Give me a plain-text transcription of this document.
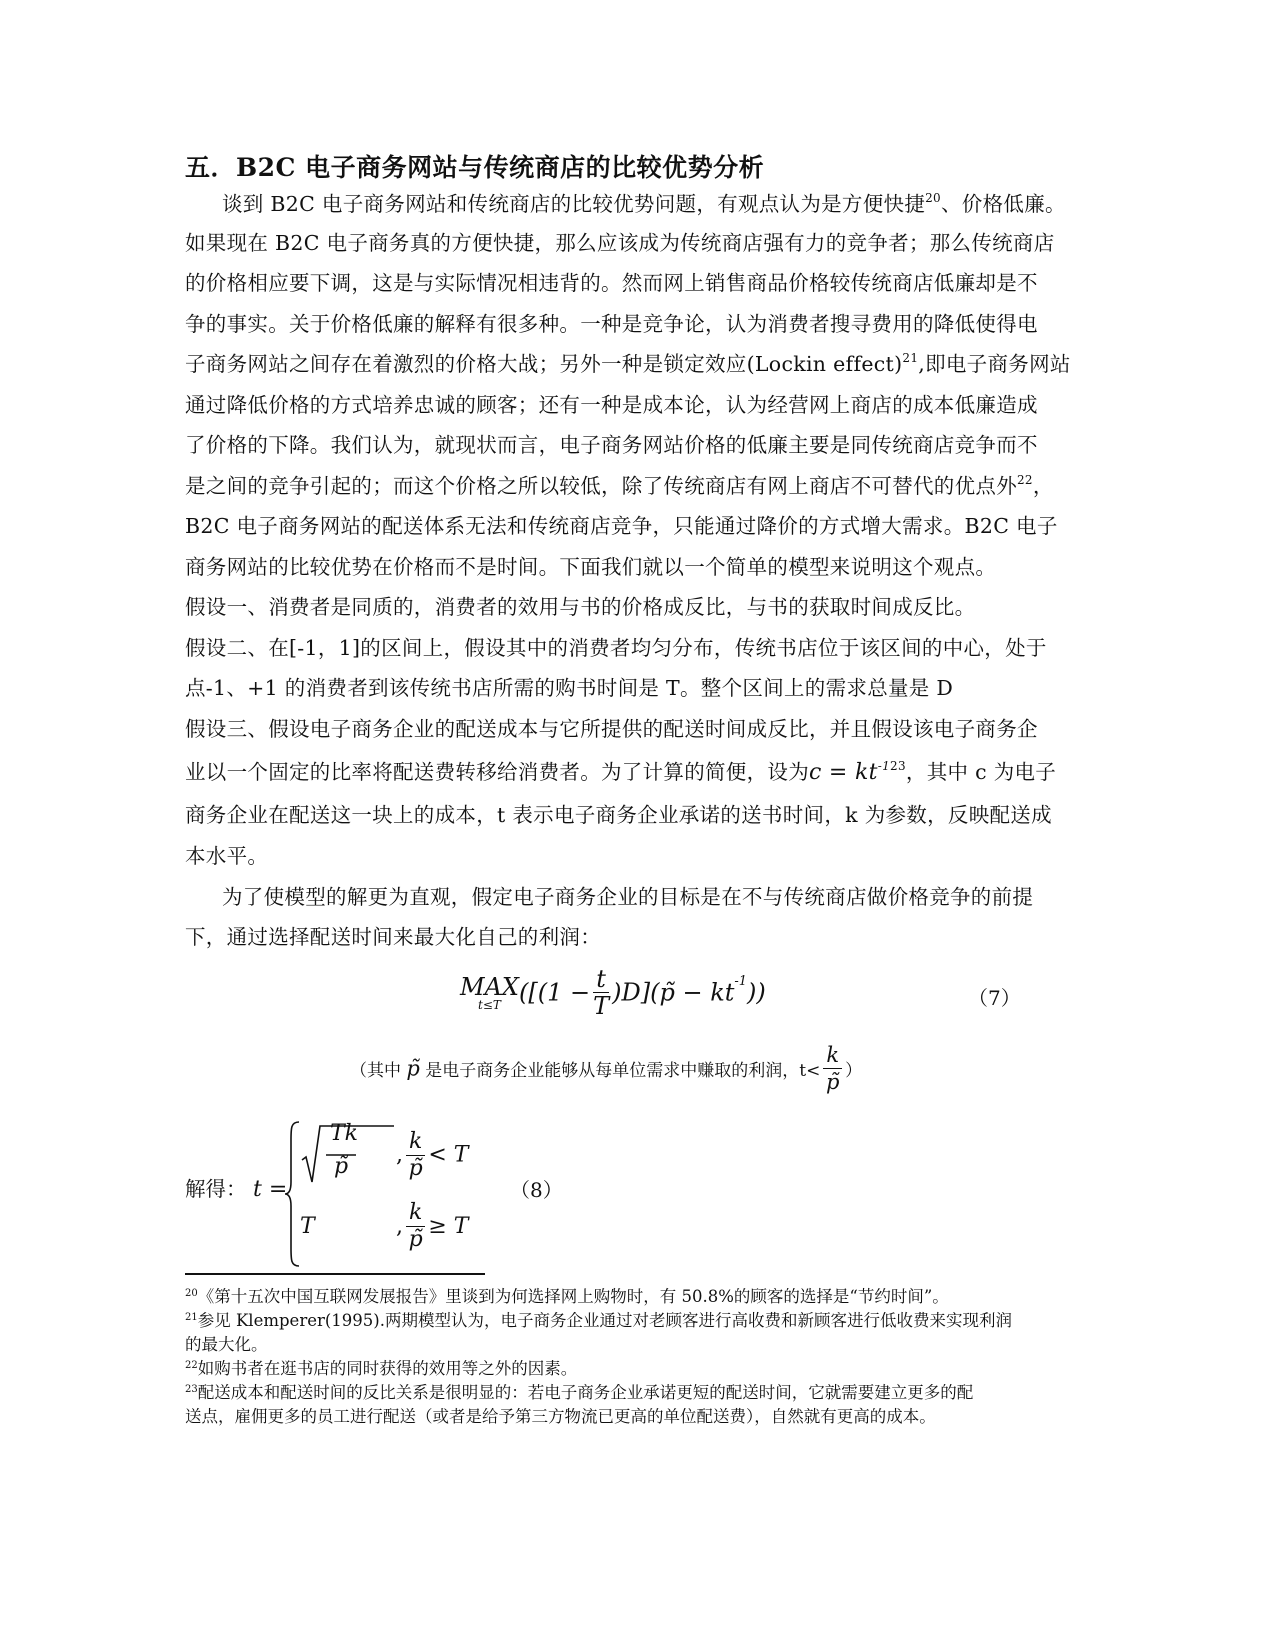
五．B2C 电子商务网站与传统商店的比较优势分析
谈到 B2C 电子商务网站和传统商店的比较优势问题，有观点认为是方便快捷$^{20}$、价格低廉。
如果现在 B2C 电子商务真的方便快捷，那么应该成为传统商店强有力的竞争者；那么传统商店
的价格相应要下调，这是与实际情况相违背的。然而网上销售商品价格较传统商店低廉却是不
争的事实。关于价格低廉的解释有很多种。一种是竞争论，认为消费者搜寻费用的降低使得电
子商务网站之间存在着激烈的价格大战；另外一种是锁定效应(Lockin effect)$^{21}$,即电子商务网站
通过降低价格的方式培养忠诚的顾客；还有一种是成本论，认为经营网上商店的成本低廉造成
了价格的下降。我们认为，就现状而言，电子商务网站价格的低廉主要是同传统商店竞争而不
是之间的竞争引起的；而这个价格之所以较低，除了传统商店有网上商店不可替代的优点外$^{22}$，
B2C 电子商务网站的配送体系无法和传统商店竞争，只能通过降价的方式增大需求。B2C 电子
商务网站的比较优势在价格而不是时间。下面我们就以一个简单的模型来说明这个观点。
假设一、消费者是同质的，消费者的效用与书的价格成反比，与书的获取时间成反比。
假设二、在[-1，1]的区间上，假设其中的消费者均匀分布，传统书店位于该区间的中心，处于
点-1、+1 的消费者到该传统书店所需的购书时间是 T。整个区间上的需求总量是 D
假设三、假设电子商务企业的配送成本与它所提供的配送时间成反比，并且假设该电子商务企
业以一个固定的比率将配送费转移给消费者。为了计算的简便，设为$c = kt^{-123}$，其中 c 为电子
商务企业在配送这一块上的成本，t 表示电子商务企业承诺的送书时间，k 为参数，反映配送成
本水平。
为了使模型的解更为直观，假定电子商务企业的目标是在不与传统商店做价格竞争的前提
下，通过选择配送时间来最大化自己的利润：
MAX
t≤T ([($1 - \frac{t}{T}$ )D](p̃ − $kt^{-1}$))	（7）
（其中 p̃ 是电子商务企业能够从每单位需求中赚取的利润，$t< \frac{k}{p̃}$ ）
解得： t =
Tk
p̃ , $\frac{k}{p̃} < T$
T	, $\frac{k}{p̃} \ge T$
（8）
$^{20}$《第十五次中国互联网发展报告》里谈到为何选择网上购物时，有 50.8%的顾客的选择是“节约时间”。
$^{21}$参见 Klemperer(1995).两期模型认为，电子商务企业通过对老顾客进行高收费和新顾客进行低收费来实现利润
的最大化。
$^{22}$如购书者在逛书店的同时获得的效用等之外的因素。
$^{23}$配送成本和配送时间的反比关系是很明显的：若电子商务企业承诺更短的配送时间，它就需要建立更多的配
送点，雇佣更多的员工进行配送（或者是给予第三方物流已更高的单位配送费），自然就有更高的成本。
